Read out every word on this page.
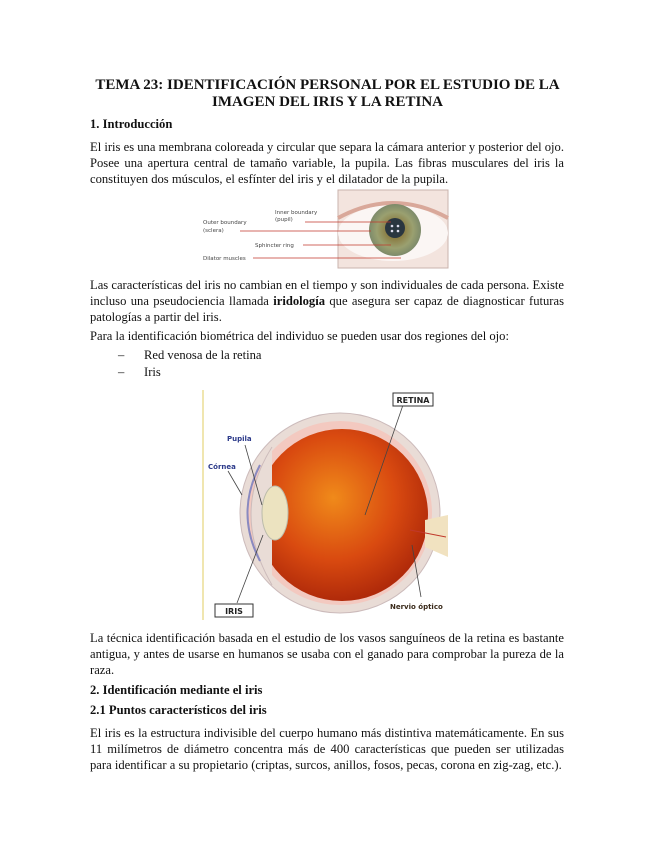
TEMA 23: IDENTIFICACIÓN PERSONAL POR EL ESTUDIO DE LA
IMAGEN DEL IRIS Y LA RETINA
1. Introducción
El iris es una membrana coloreada y circular que separa la cámara anterior y posterior del ojo. Posee una apertura central de tamaño variable, la pupila. Las fibras musculares del iris la constituyen dos músculos, el esfínter del iris y el dilatador de la pupila.
Inner boundary
(pupil)
Outer boundary
(sclera)
Sphincter ring
Dilator muscles
Las características del iris no cambian en el tiempo y son individuales de cada persona. Existe incluso una pseudociencia llamada iridología que asegura ser capaz de diagnosticar futuras patologías a partir del iris.
Para la identificación biométrica del individuo se pueden usar dos regiones del ojo:
– Red venosa de la retina
– Iris
RETINA
Pupila
Córnea
IRIS	Nervio óptico
La técnica identificación basada en el estudio de los vasos sanguíneos de la retina es bastante antigua, y antes de usarse en humanos se usaba con el ganado para comprobar la pureza de la raza.
2. Identificación mediante el iris
2.1 Puntos característicos del iris
El iris es la estructura indivisible del cuerpo humano más distintiva matemáticamente. En sus 11 milímetros de diámetro concentra más de 400 características que pueden ser utilizadas para identificar a su propietario (criptas, surcos, anillos, fosos, pecas, corona en zig-zag, etc.).
